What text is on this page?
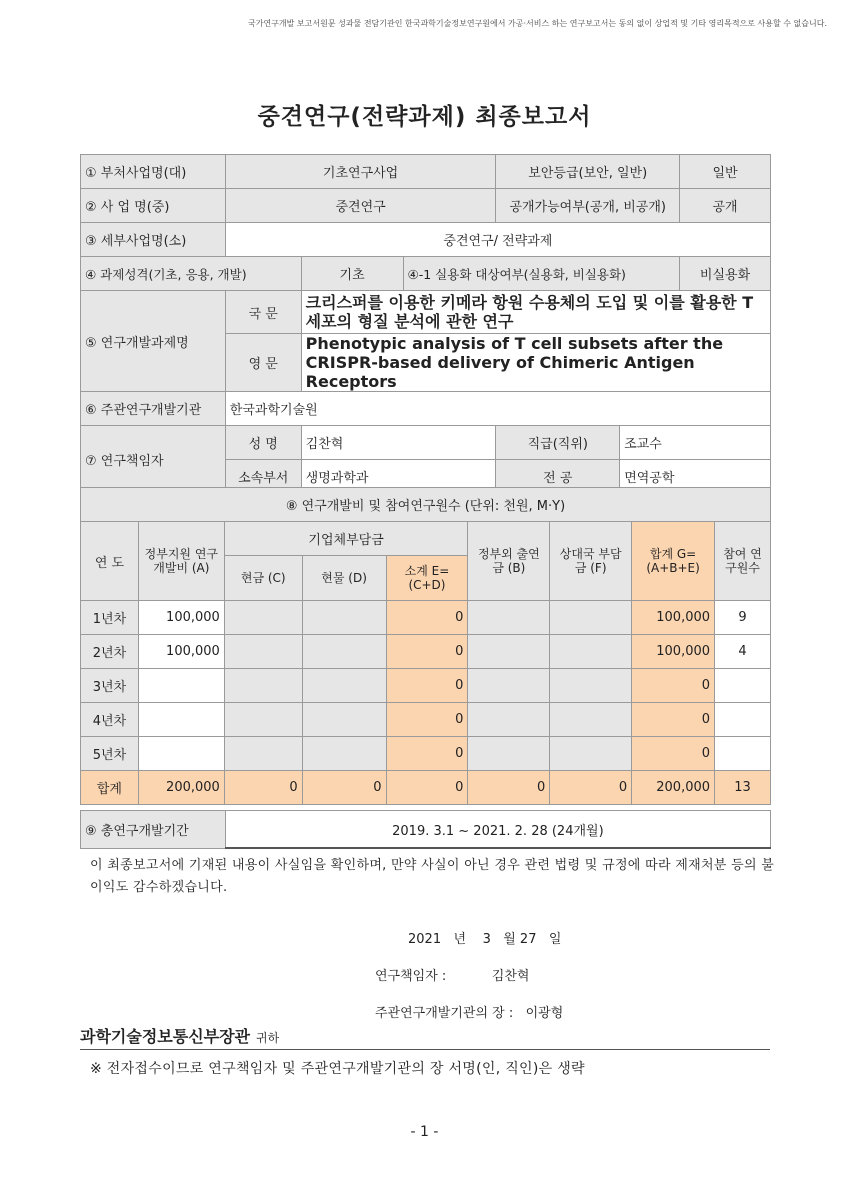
국가연구개발 보고서원문 성과물 전담기관인 한국과학기술정보연구원에서 가공·서비스 하는 연구보고서는 동의 없이 상업적 및 기타 영리목적으로 사용할 수 없습니다.
중견연구(전략과제) 최종보고서
① 부처사업명(대)	기초연구사업			보안등급(보안, 일반)		일반
② 사 업 명(중)	중견연구			공개가능여부(공개, 비공개)		공개
③ 세부사업명(소)	중견연구/ 전략과제					
④ 과제성격(기초, 응용, 개발)		기초	④-1 실용화 대상여부(실용화, 비실용화)			비실용화
⑤ 연구개발과제명	국 문	크리스퍼를 이용한 키메라 항원 수용체의 도입 및 이를 활용한 T 세포의 형질 분석에 관한 연구				
	영 문	Phenotypic analysis of T cell subsets after the CRISPR-based delivery of Chimeric Antigen Receptors				
⑥ 주관연구개발기관	한국과학기술원					
⑦ 연구책임자	성 명	김찬혁		직급(직위)	조교수	
	소속부서	생명과학과		전 공	면역공학	
⑧ 연구개발비 및 참여연구원수 (단위: 천원, M·Y)								
연 도	정부지원 연구개발비 (A)	기업체부담금			정부외 출연금 (B)	상대국 부담금 (F)	합계 G=(A+B+E)	참여 연구원수
		현금 (C)	현물 (D)	소계 E=(C+D)				
1년차	100,000			0			100,000	9
2년차	100,000			0			100,000	4
3년차				0			0	
4년차				0			0	
5년차				0			0	
합계	200,000	0	0	0	0	0	200,000	13
⑨ 총연구개발기간	2019. 3.1 ~ 2021. 2. 28 (24개월)
이 최종보고서에 기재된 내용이 사실임을 확인하며, 만약 사실이 아닌 경우 관련 법령 및 규정에 따라 제재처분 등의 불이익도 감수하겠습니다.
2021   년    3   월 27   일
연구책임자 :           김찬혁
주관연구개발기관의 장 :   이광형
과학기술정보통신부장관 귀하
※ 전자접수이므로 연구책임자 및 주관연구개발기관의 장 서명(인, 직인)은 생략
- 1 -
